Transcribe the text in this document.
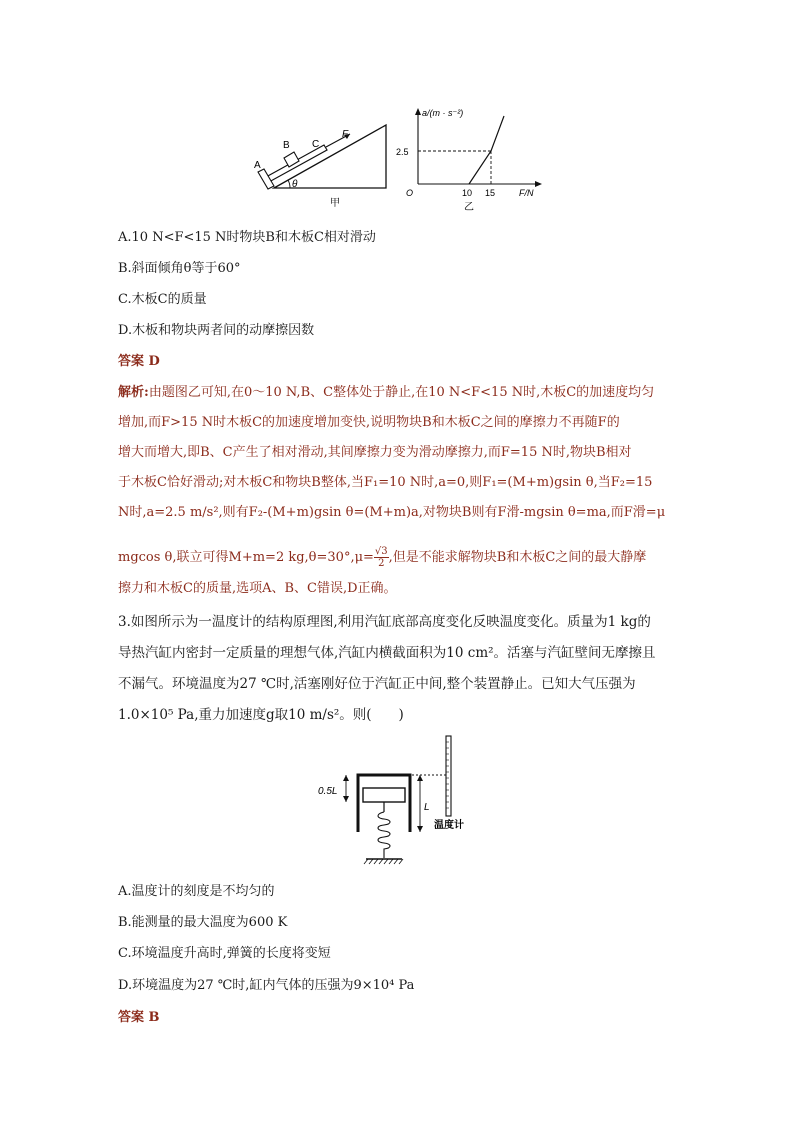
A
B C
F
θ
甲
a/(m · s⁻²)
F/N
O
2.5
10 15
乙
A.10 N<F<15 N时物块B和木板C相对滑动
B.斜面倾角θ等于60°
C.木板C的质量
D.木板和物块两者间的动摩擦因数
答案 D
解析:由题图乙可知,在0～10 N,B、C整体处于静止,在10 N<F<15 N时,木板C的加速度均匀
增加,而F>15 N时木板C的加速度增加变快,说明物块B和木板C之间的摩擦力不再随F的
增大而增大,即B、C产生了相对滑动,其间摩擦力变为滑动摩擦力,而F=15 N时,物块B相对
于木板C恰好滑动;对木板C和物块B整体,当F₁=10 N时,a=0,则F₁=(M+m)gsin θ,当F₂=15
N时,a=2.5 m/s²,则有F₂-(M+m)gsin θ=(M+m)a,对物块B则有F滑-mgsin θ=ma,而F滑=μ
mgcos θ,联立可得M+m=2 $kg,\theta=30^\circ,\mu= \frac{√3}{2}$ ,但是不能求解物块B和木板C之间的最大静摩
擦力和木板C的质量,选项A、B、C错误,D正确。
3.如图所示为一温度计的结构原理图,利用汽缸底部高度变化反映温度变化。质量为1 kg的
导热汽缸内密封一定质量的理想气体,汽缸内横截面积为10 cm²。活塞与汽缸壁间无摩擦且
不漏气。环境温度为27 ℃时,活塞刚好位于汽缸正中间,整个装置静止。已知大气压强为
1.0×10⁵ Pa,重力加速度g取10 m/s²。则(　　)
0.5L
L
温度计
A.温度计的刻度是不均匀的
B.能测量的最大温度为600 K
C.环境温度升高时,弹簧的长度将变短
D.环境温度为27 ℃时,缸内气体的压强为9×10⁴ Pa
答案 B
